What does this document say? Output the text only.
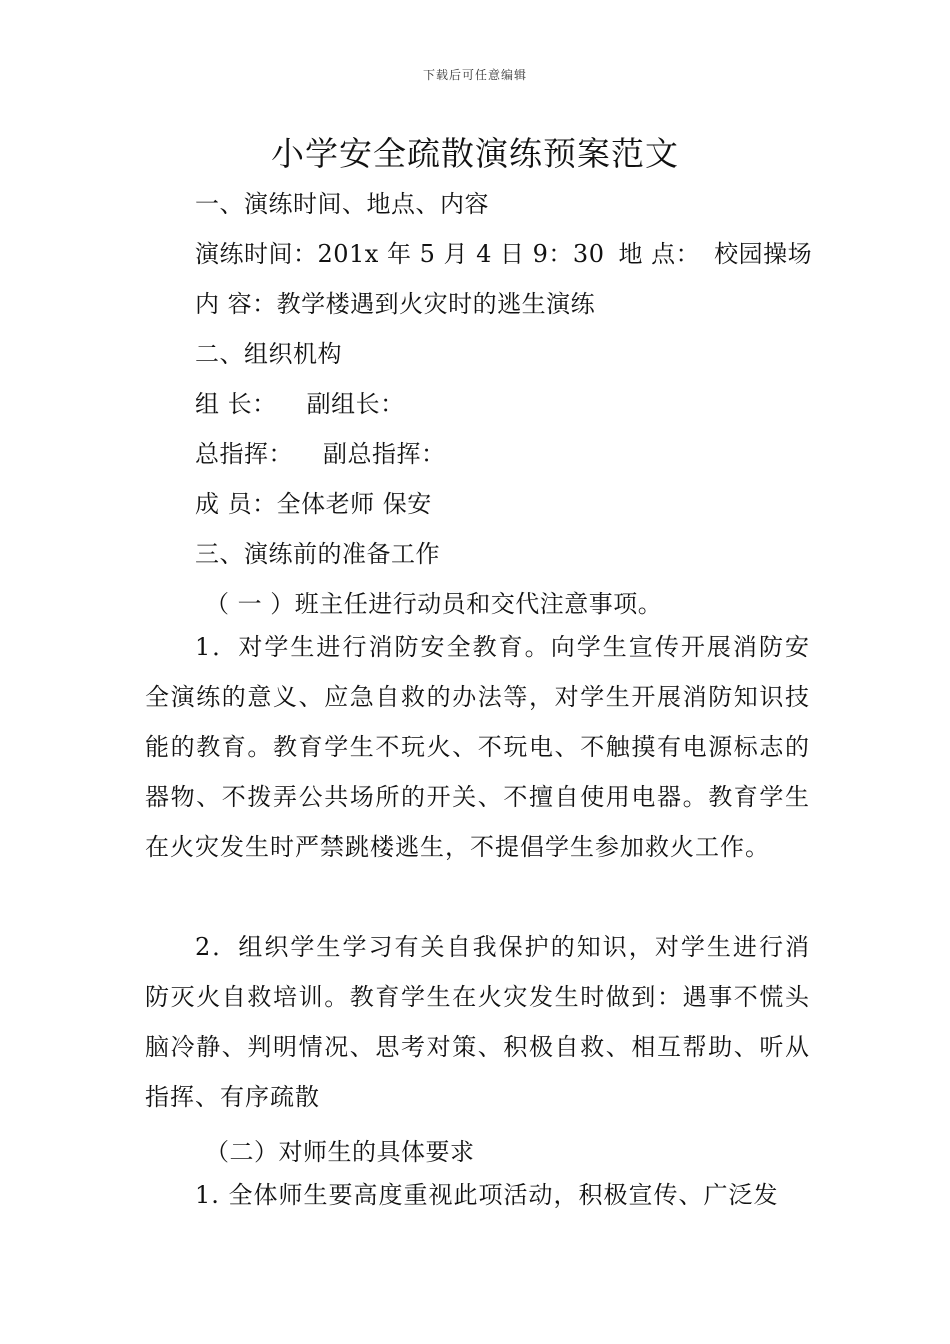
下载后可任意编辑
小学安全疏散演练预案范文
一、演练时间、地点、内容
演练时间：201x 年 5 月 4 日 9：30 地 点： 校园操场
内 容：教学楼遇到火灾时的逃生演练
二、组织机构
组 长： 副组长：
总指挥： 副总指挥：
成 员：全体老师 保安
三、演练前的准备工作
（ 一 ）班主任进行动员和交代注意事项。

1．对学生进行消防安全教育。向学生宣传开展消防安全演练的意义、应急自救的办法等，对学生开展消防知识技能的教育。教育学生不玩火、不玩电、不触摸有电源标志的器物、不拨弄公共场所的开关、不擅自使用电器。教育学生在火灾发生时严禁跳楼逃生，不提倡学生参加救火工作。

2．组织学生学习有关自我保护的知识，对学生进行消防灭火自救培训。教育学生在火灾发生时做到：遇事不慌头脑冷静、判明情况、思考对策、积极自救、相互帮助、听从指挥、有序疏散

（二）对师生的具体要求

1. 全体师生要高度重视此项活动，积极宣传、广泛发
